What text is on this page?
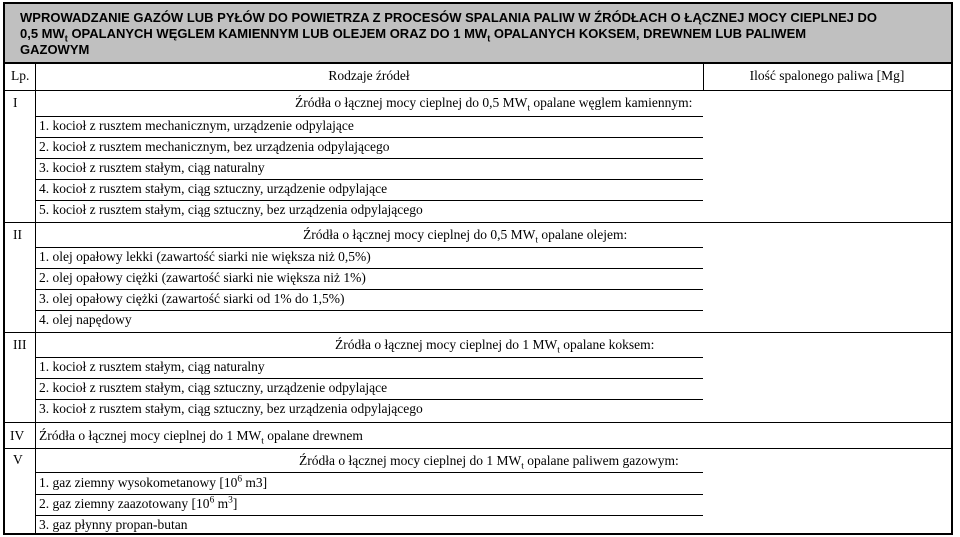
WPROWADZANIE GAZÓW LUB PYŁÓW DO POWIETRZA Z PROCESÓW SPALANIA PALIW W ŹRÓDŁACH O ŁĄCZNEJ MOCY CIEPLNEJ DO
0,5 $MW_t$ OPALANYCH WĘGLEM KAMIENNYM LUB OLEJEM ORAZ DO 1 $MW_t$ OPALANYCH KOKSEM, DREWNEM LUB PALIWEM
GAZOWYM
Lp.	Rodzaje źródeł	Ilość spalonego paliwa [Mg]
I	Źródła o łącznej mocy cieplnej do 0,5 $MW_t$ opalane węglem kamiennym:
1. kocioł z rusztem mechanicznym, urządzenie odpylające
2. kocioł z rusztem mechanicznym, bez urządzenia odpylającego
3. kocioł z rusztem stałym, ciąg naturalny
4. kocioł z rusztem stałym, ciąg sztuczny, urządzenie odpylające
5. kocioł z rusztem stałym, ciąg sztuczny, bez urządzenia odpylającego
II	Źródła o łącznej mocy cieplnej do 0,5 $MW_t$ opalane olejem:
1. olej opałowy lekki (zawartość siarki nie większa niż 0,5%)
2. olej opałowy ciężki (zawartość siarki nie większa niż 1%)
3. olej opałowy ciężki (zawartość siarki od 1% do 1,5%)
4. olej napędowy
III	Źródła o łącznej mocy cieplnej do 1 $MW_t$ opalane koksem:
1. kocioł z rusztem stałym, ciąg naturalny
2. kocioł z rusztem stałym, ciąg sztuczny, urządzenie odpylające
3. kocioł z rusztem stałym, ciąg sztuczny, bez urządzenia odpylającego
IV Źródła o łącznej mocy cieplnej do 1 $MW_t$ opalane drewnem
V	Źródła o łącznej mocy cieplnej do 1 $MW_t$ opalane paliwem gazowym:
1. gaz ziemny wysokometanowy [$10^6$ m3]
2. gaz ziemny zaazotowany [$10^6$ $m^3$]
3. gaz płynny propan-butan
